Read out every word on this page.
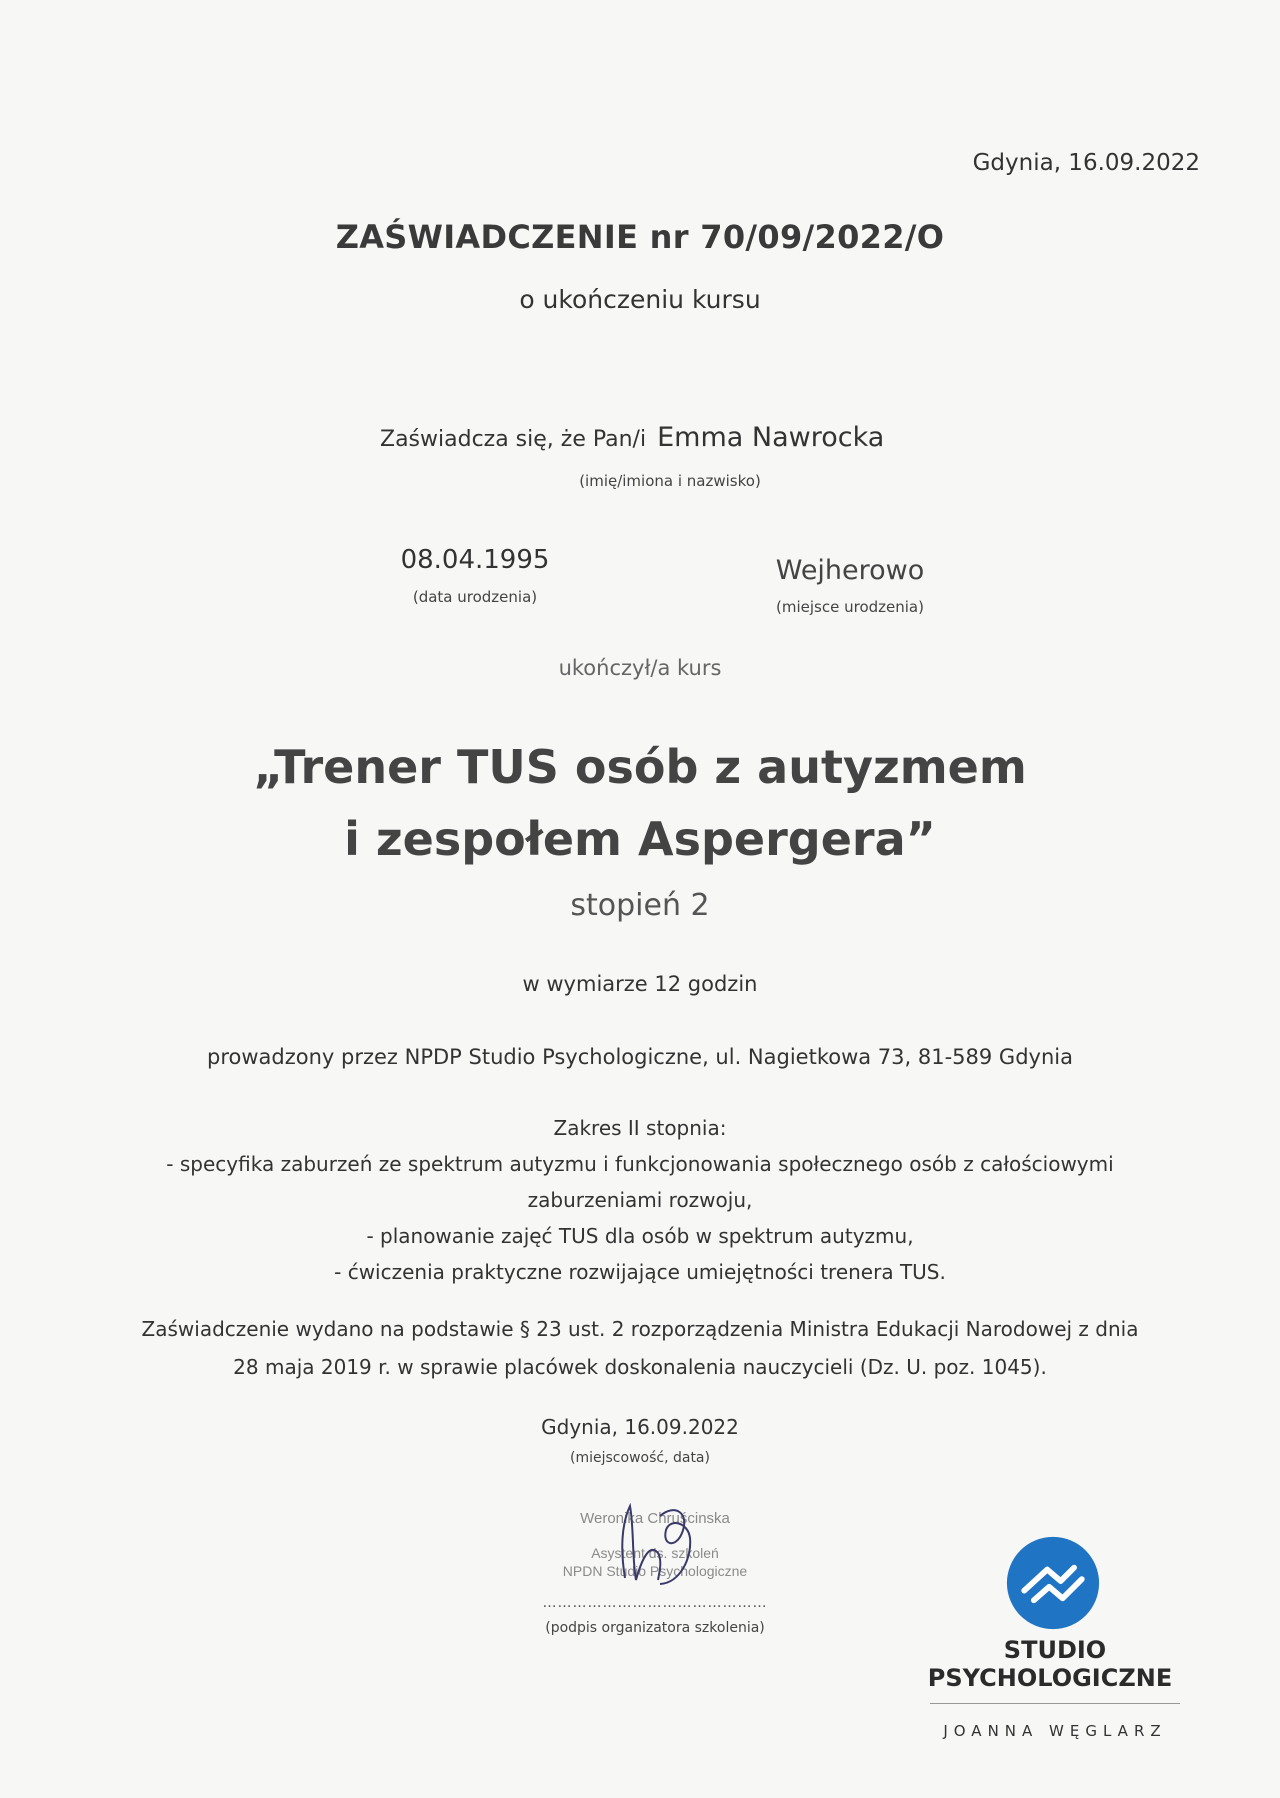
Gdynia, 16.09.2022
ZAŚWIADCZENIE nr 70/09/2022/O
o ukończeniu kursu
Zaświadcza się, że Pan/i Emma Nawrocka
(imię/imiona i nazwisko)
08.04.1995
(data urodzenia)
Wejherowo
(miejsce urodzenia)
ukończył/a kurs
„Trener TUS osób z autyzmem
i zespołem Aspergera”
stopień 2
w wymiarze 12 godzin
prowadzony przez NPDP Studio Psychologiczne, ul. Nagietkowa 73, 81-589 Gdynia
Zakres II stopnia:
- specyfika zaburzeń ze spektrum autyzmu i funkcjonowania społecznego osób z całościowymi
zaburzeniami rozwoju,
- planowanie zajęć TUS dla osób w spektrum autyzmu,
- ćwiczenia praktyczne rozwijające umiejętności trenera TUS.
Zaświadczenie wydano na podstawie § 23 ust. 2 rozporządzenia Ministra Edukacji Narodowej z dnia
28 maja 2019 r. w sprawie placówek doskonalenia nauczycieli (Dz. U. poz. 1045).
Gdynia, 16.09.2022
(miejscowość, data)
Weronika Chruścinska
Asystent ds. szkoleń
NPDN Studio Psychologiczne
………………………………………
(podpis organizatora szkolenia)
STUDIO
PSYCHOLOGICZNE
JOANNA WĘGLARZ
